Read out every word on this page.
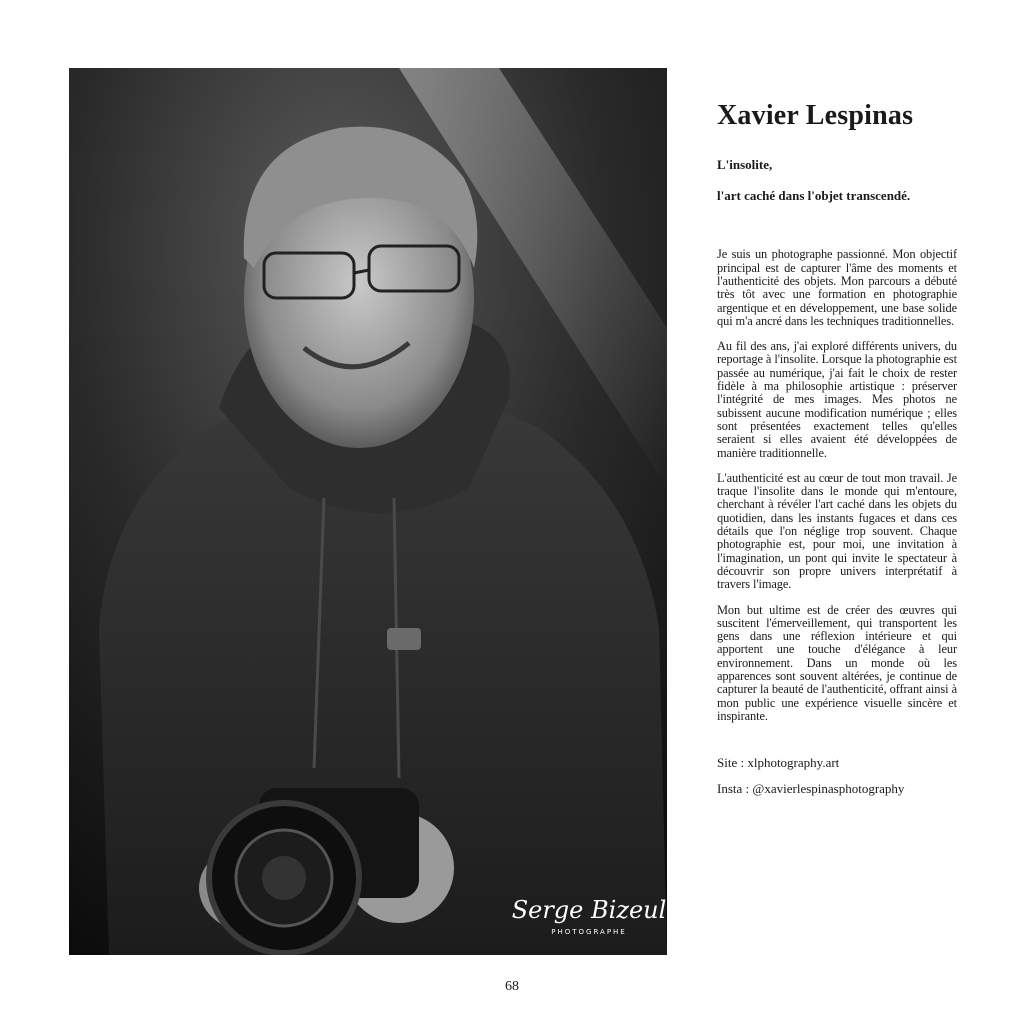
Serge Bizeul
PHOTOGRAPHE
Xavier Lespinas

L'insolite,

l'art caché dans l'objet transcendé.

Je suis un photographe passionné. Mon objectif principal est de capturer l'âme des moments et l'authenticité des objets. Mon parcours a débuté très tôt avec une formation en photographie argentique et en développement, une base solide qui m'a ancré dans les techniques traditionnelles.

Au fil des ans, j'ai exploré différents univers, du reportage à l'insolite. Lorsque la photographie est passée au numérique, j'ai fait le choix de rester fidèle à ma philosophie artistique : préserver l'intégrité de mes images. Mes photos ne subissent aucune modification numérique ; elles sont présentées exactement telles qu'elles seraient si elles avaient été développées de manière traditionnelle.

L'authenticité est au cœur de tout mon travail. Je traque l'insolite dans le monde qui m'entoure, cherchant à révéler l'art caché dans les objets du quotidien, dans les instants fugaces et dans ces détails que l'on néglige trop souvent. Chaque photographie est, pour moi, une invitation à l'imagination, un pont qui invite le spectateur à découvrir son propre univers interprétatif à travers l'image.

Mon but ultime est de créer des œuvres qui suscitent l'émerveillement, qui transportent les gens dans une réflexion intérieure et qui apportent une touche d'élégance à leur environnement. Dans un monde où les apparences sont souvent altérées, je continue de capturer la beauté de l'authenticité, offrant ainsi à mon public une expérience visuelle sincère et inspirante.

Site : xlphotography.art

Insta : @xavierlespinasphotography

68
